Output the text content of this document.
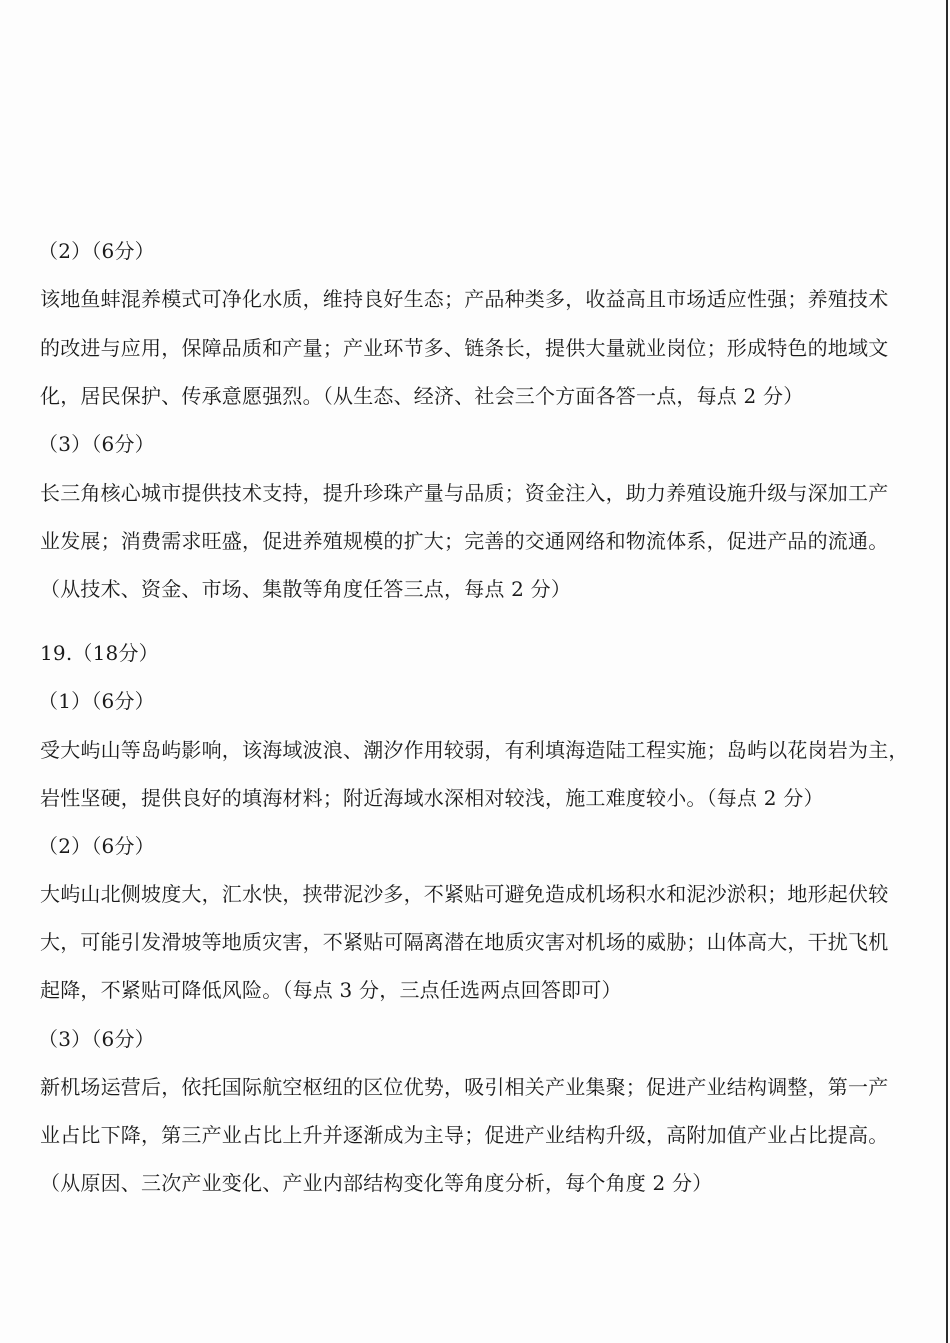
（2）（6分）
该地鱼蚌混养模式可净化水质，维持良好生态；产品种类多，收益高且市场适应性强；养殖技术
的改进与应用，保障品质和产量；产业环节多、链条长，提供大量就业岗位；形成特色的地域文
化，居民保护、传承意愿强烈。（从生态、经济、社会三个方面各答一点，每点 2 分）
（3）（6分）
长三角核心城市提供技术支持，提升珍珠产量与品质；资金注入，助力养殖设施升级与深加工产
业发展；消费需求旺盛，促进养殖规模的扩大；完善的交通网络和物流体系，促进产品的流通。
（从技术、资金、市场、集散等角度任答三点，每点 2 分）
19.（18分）
（1）（6分）
受大屿山等岛屿影响，该海域波浪、潮汐作用较弱，有利填海造陆工程实施；岛屿以花岗岩为主，
岩性坚硬，提供良好的填海材料；附近海域水深相对较浅，施工难度较小。（每点 2 分）
（2）（6分）
大屿山北侧坡度大，汇水快，挟带泥沙多，不紧贴可避免造成机场积水和泥沙淤积；地形起伏较
大，可能引发滑坡等地质灾害，不紧贴可隔离潜在地质灾害对机场的威胁；山体高大，干扰飞机
起降，不紧贴可降低风险。（每点 3 分，三点任选两点回答即可）
（3）（6分）
新机场运营后，依托国际航空枢纽的区位优势，吸引相关产业集聚；促进产业结构调整，第一产
业占比下降，第三产业占比上升并逐渐成为主导；促进产业结构升级，高附加值产业占比提高。
（从原因、三次产业变化、产业内部结构变化等角度分析，每个角度 2 分）
